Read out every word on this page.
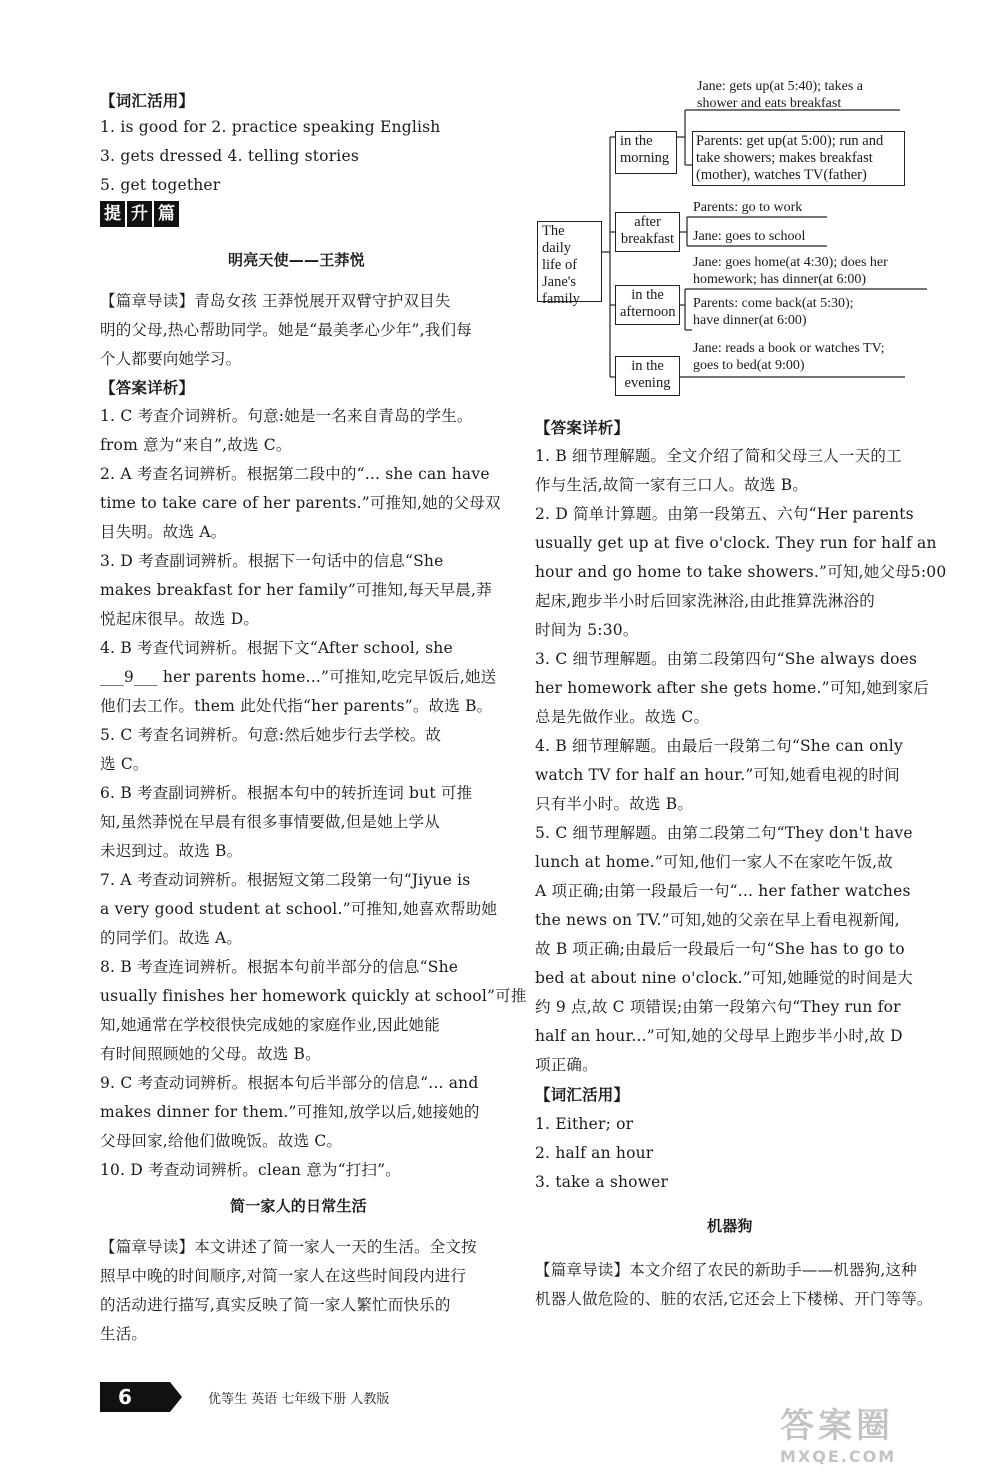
【词汇活用】
1. is good for 2. practice speaking English
3. gets dressed 4. telling stories
5. get together
提 升 篇
明亮天使——王莽悦
【篇章导读】青岛女孩 王莽悦展开双臂守护双目失
明的父母,热心帮助同学。她是“最美孝心少年”,我们每
个人都要向她学习。
【答案详析】
1. C 考查介词辨析。句意:她是一名来自青岛的学生。
from 意为“来自”,故选 C。
2. A 考查名词辨析。根据第二段中的“... she can have
time to take care of her parents.”可推知,她的父母双
目失明。故选 A。
3. D 考查副词辨析。根据下一句话中的信息“She
makes breakfast for her family”可推知,每天早晨,莽
悦起床很早。故选 D。
4. B 考查代词辨析。根据下文“After school, she
___9___ her parents home...”可推知,吃完早饭后,她送
他们去工作。them 此处代指“her parents”。故选 B。
5. C 考查名词辨析。句意:然后她步行去学校。故
选 C。
6. B 考查副词辨析。根据本句中的转折连词 but 可推
知,虽然莽悦在早晨有很多事情要做,但是她上学从
未迟到过。故选 B。
7. A 考查动词辨析。根据短文第二段第一句“Jiyue is
a very good student at school.”可推知,她喜欢帮助她
的同学们。故选 A。
8. B 考查连词辨析。根据本句前半部分的信息“She
usually finishes her homework quickly at school”可推
知,她通常在学校很快完成她的家庭作业,因此她能
有时间照顾她的父母。故选 B。
9. C 考查动词辨析。根据本句后半部分的信息“... and
makes dinner for them.”可推知,放学以后,她接她的
父母回家,给他们做晚饭。故选 C。
10. D 考查动词辨析。clean 意为“打扫”。
简一家人的日常生活
【篇章导读】本文讲述了简一家人一天的生活。全文按
照早中晚的时间顺序,对简一家人在这些时间段内进行
的活动进行描写,真实反映了简一家人繁忙而快乐的
生活。
The daily
life of
Jane's
family
in the
morning
Jane: gets up(at 5:40); takes a
shower and eats breakfast
Parents: get up(at 5:00); run and
take showers; makes breakfast
(mother), watches TV(father)
after
breakfast
Parents: go to work
Jane: goes to school
in the
afternoon
Jane: goes home(at 4:30); does her
homework; has dinner(at 6:00)
Parents: come back(at 5:30);
have dinner(at 6:00)
in the
evening
Jane: reads a book or watches TV;
goes to bed(at 9:00)
【答案详析】
1. B 细节理解题。全文介绍了简和父母三人一天的工
作与生活,故简一家有三口人。故选 B。
2. D 简单计算题。由第一段第五、六句“Her parents
usually get up at five o'clock. They run for half an
hour and go home to take showers.”可知,她父母5:00
起床,跑步半小时后回家洗淋浴,由此推算洗淋浴的
时间为 5:30。
3. C 细节理解题。由第二段第四句“She always does
her homework after she gets home.”可知,她到家后
总是先做作业。故选 C。
4. B 细节理解题。由最后一段第二句“She can only
watch TV for half an hour.”可知,她看电视的时间
只有半小时。故选 B。
5. C 细节理解题。由第二段第二句“They don't have
lunch at home.”可知,他们一家人不在家吃午饭,故
A 项正确;由第一段最后一句“... her father watches
the news on TV.”可知,她的父亲在早上看电视新闻,
故 B 项正确;由最后一段最后一句“She has to go to
bed at about nine o'clock.”可知,她睡觉的时间是大
约 9 点,故 C 项错误;由第一段第六句“They run for
half an hour...”可知,她的父母早上跑步半小时,故 D
项正确。
【词汇活用】
1. Either; or
2. half an hour
3. take a shower
机器狗
【篇章导读】本文介绍了农民的新助手——机器狗,这种
机器人做危险的、脏的农活,它还会上下楼梯、开门等等。
6	优等生 英语 七年级下册 人教版
答案圈
MXQE.COM
